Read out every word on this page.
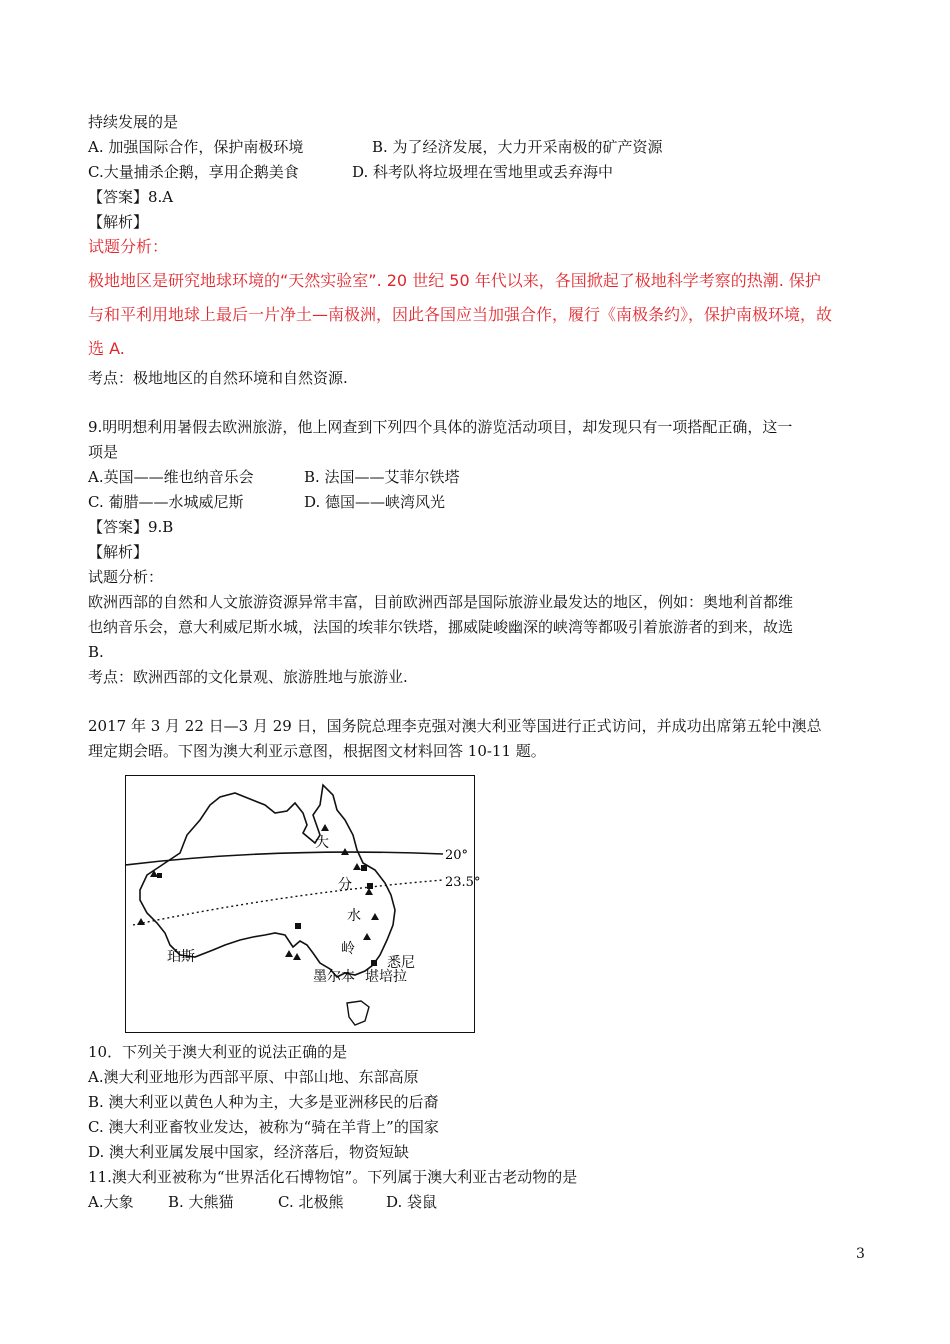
持续发展的是
A. 加强国际合作，保护南极环境	B. 为了经济发展，大力开采南极的矿产资源
C.大量捕杀企鹅，享用企鹅美食	D. 科考队将垃圾埋在雪地里或丢弃海中
【答案】8.A
【解析】
试题分析：
极地地区是研究地球环境的“天然实验室”. 20 世纪 50 年代以来，各国掀起了极地科学考察的热潮. 保护
与和平利用地球上最后一片净土—南极洲，因此各国应当加强合作，履行《南极条约》，保护南极环境，故
选 A.
考点：极地地区的自然环境和自然资源.
9.明明想利用暑假去欧洲旅游，他上网查到下列四个具体的游览活动项目，却发现只有一项搭配正确，这一
项是
A.英国——维也纳音乐会	B. 法国——艾菲尔铁塔
C. 葡腊——水城威尼斯	D. 德国——峡湾风光
【答案】9.B
【解析】
试题分析：
欧洲西部的自然和人文旅游资源异常丰富，目前欧洲西部是国际旅游业最发达的地区，例如：奥地利首都维
也纳音乐会，意大利威尼斯水城，法国的埃菲尔铁塔，挪威陡峻幽深的峡湾等都吸引着旅游者的到来，故选
B.
考点：欧洲西部的文化景观、旅游胜地与旅游业.
2017 年 3 月 22 日—3 月 29 日，国务院总理李克强对澳大利亚等国进行正式访问，并成功出席第五轮中澳总
理定期会晤。下图为澳大利亚示意图，根据图文材料回答 10-11 题。
20°
23.5°
大
分
水
岭
珀斯
墨尔本
悉尼
堪培拉
10．下列关于澳大利亚的说法正确的是
A.澳大利亚地形为西部平原、中部山地、东部高原
B. 澳大利亚以黄色人种为主，大多是亚洲移民的后裔
C. 澳大利亚畜牧业发达，被称为“骑在羊背上”的国家
D. 澳大利亚属发展中国家，经济落后，物资短缺
11.澳大利亚被称为“世界活化石博物馆”。下列属于澳大利亚古老动物的是
A.大象 B. 大熊猫	C. 北极熊	D. 袋鼠
3
